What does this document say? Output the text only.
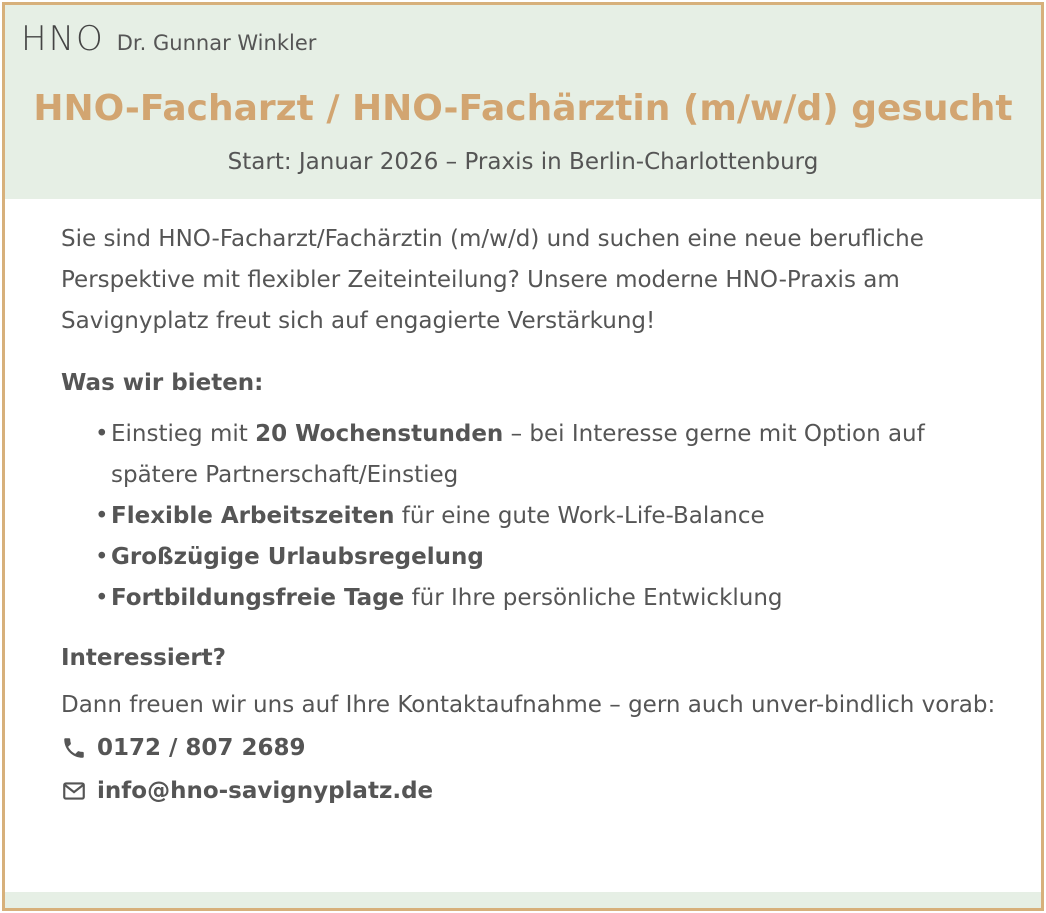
HNO Dr. Gunnar Winkler
HNO-Facharzt / HNO-Fachärztin (m/w/d) gesucht
Start: Januar 2026 – Praxis in Berlin-Charlottenburg

Sie sind HNO-Facharzt/Fachärztin (m/w/d) und suchen eine neue berufliche Perspektive mit flexibler Zeiteinteilung? Unsere moderne HNO-Praxis am Savignyplatz freut sich auf engagierte Verstärkung!

Was wir bieten:
• Einstieg mit 20 Wochenstunden – bei Interesse gerne mit Option auf spätere Partnerschaft/Einstieg
• Flexible Arbeitszeiten für eine gute Work-Life-Balance
• Großzügige Urlaubsregelung
• Fortbildungsfreie Tage für Ihre persönliche Entwicklung
Interessiert?

Dann freuen wir uns auf Ihre Kontaktaufnahme – gern auch unver-bindlich vorab:

0172 / 807 2689
info@hno-savignyplatz.de
